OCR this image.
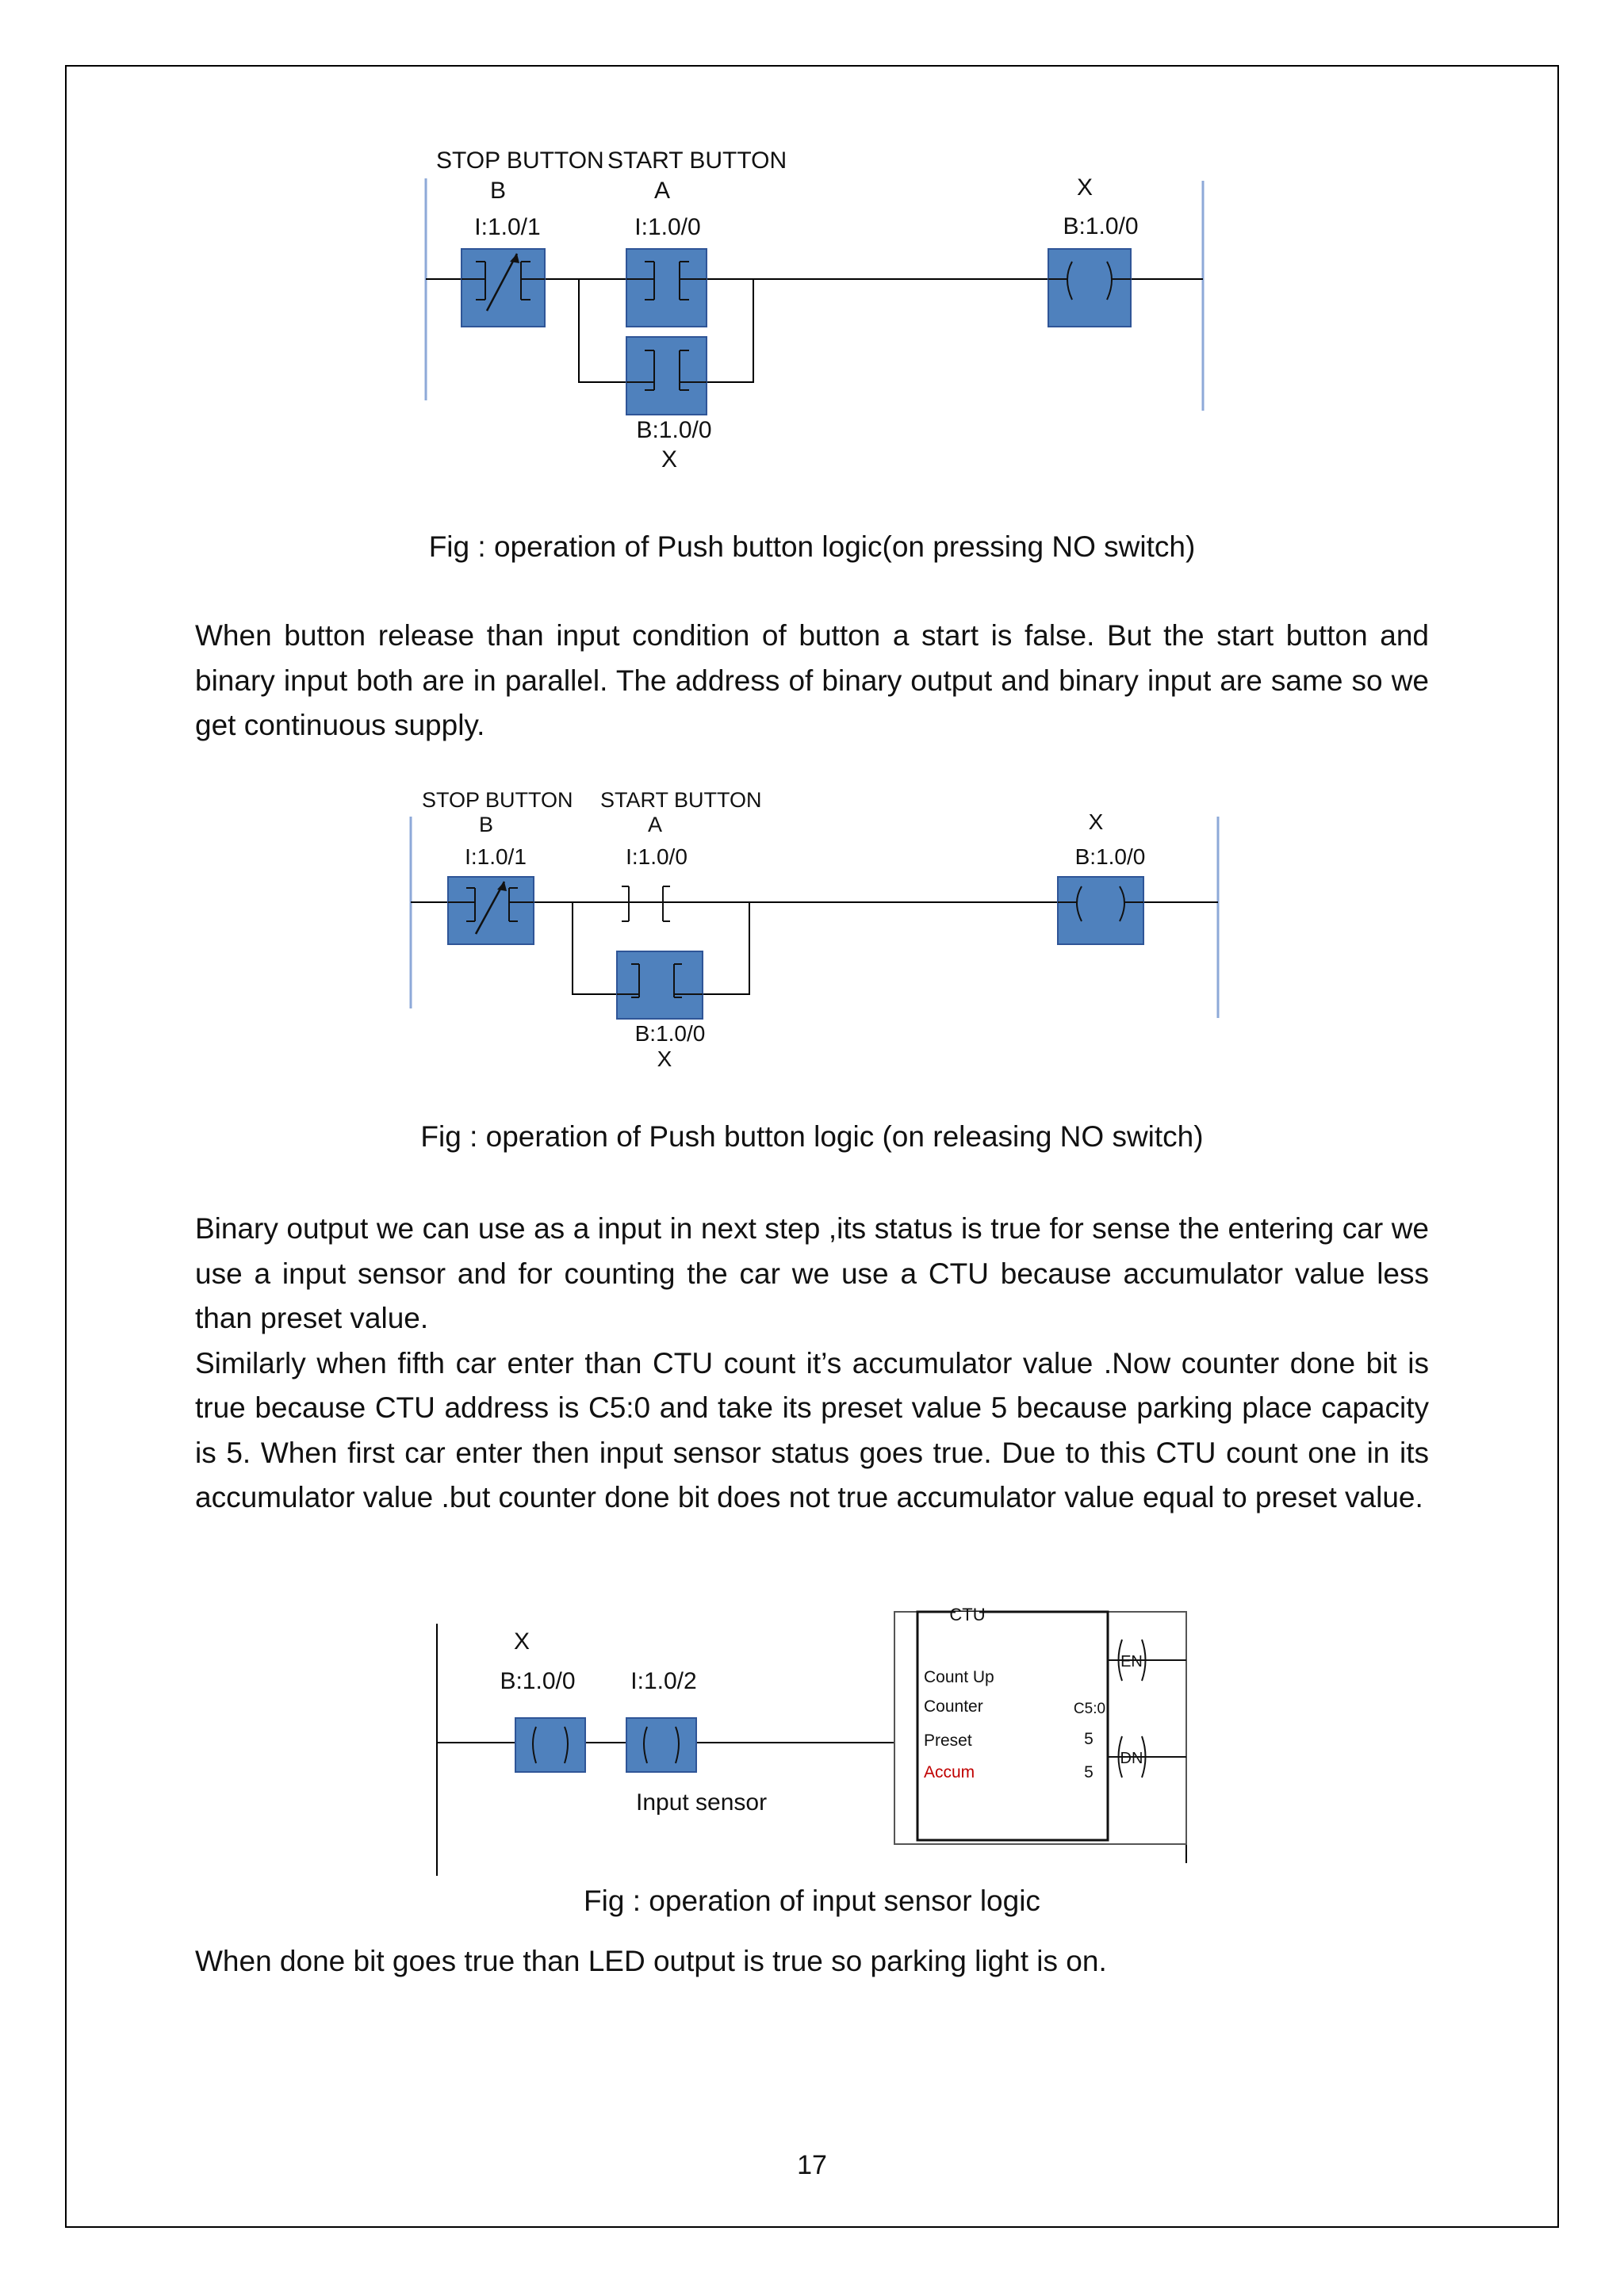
STOP BUTTON
B
I:1.0/1
START BUTTON
A
I:1.0/0
X
B:1.0/0
B:1.0/0
X
Fig : operation of Push button logic(on pressing NO switch)

When button release than input condition of button a start is false. But the start button and binary input both are in parallel. The address of binary output and binary input are same so we get continuous supply.

STOP BUTTON
B
I:1.0/1
START BUTTON
A
I:1.0/0
X
B:1.0/0
B:1.0/0
X
Fig : operation of Push button logic (on releasing NO switch)

Binary output we can use as a input in next step ,its status is true for sense the entering car we use a input sensor and for counting the car we use a CTU because accumulator value less than preset value.

Similarly when fifth car enter than CTU count it’s accumulator value .Now counter done bit is true because CTU address is C5:0 and take its preset value 5 because parking place capacity is 5. When first car enter then input sensor status goes true. Due to this CTU count one in its accumulator value .but counter done bit does not true accumulator value equal to preset value.

X
B:1.0/0 I:1.0/2
Input sensor
CTU
Count Up
Counter
Preset
Accum
C5:0
5
5
EN
DN
Fig : operation of input sensor logic

When done bit goes true than LED output is true so parking light is on.

17
